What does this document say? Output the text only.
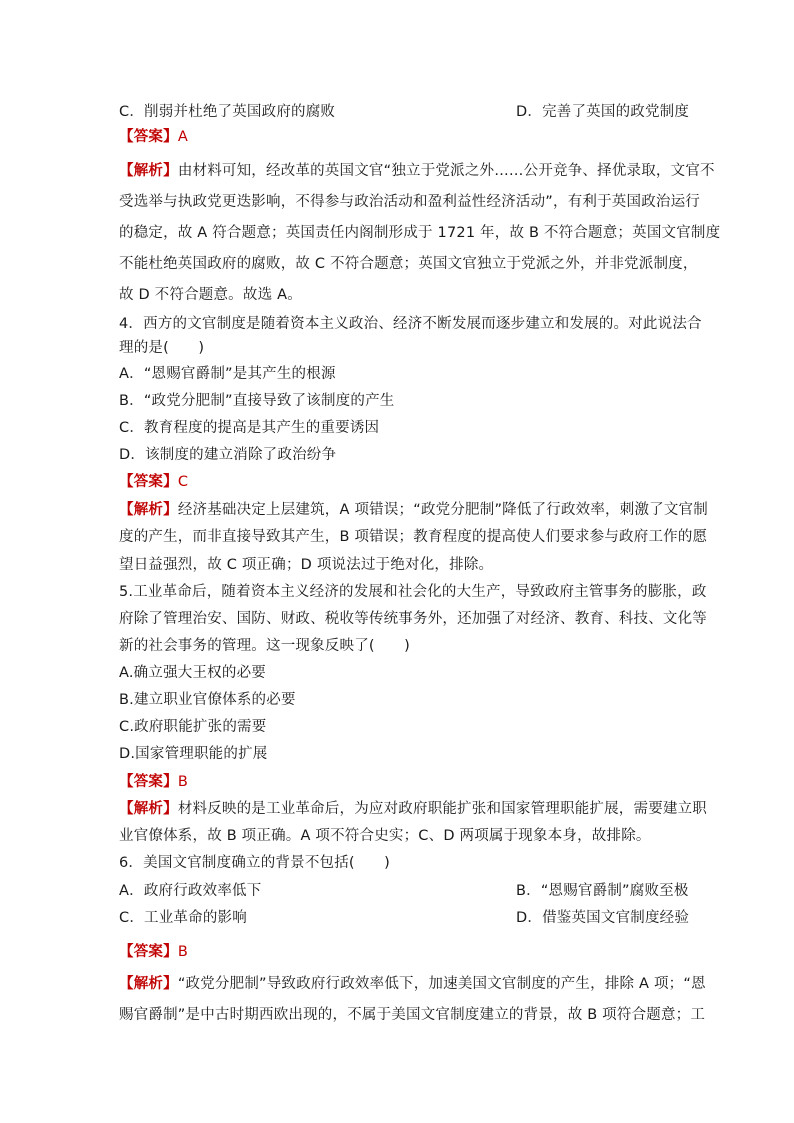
C．削弱并杜绝了英国政府的腐败	D．完善了英国的政党制度
【答案】A
【解析】由材料可知，经改革的英国文官“独立于党派之外……公开竞争、择优录取，文官不
受选举与执政党更迭影响，不得参与政治活动和盈利益性经济活动”，有利于英国政治运行
的稳定，故 A 符合题意；英国责任内阁制形成于 1721 年，故 B 不符合题意；英国文官制度
不能杜绝英国政府的腐败，故 C 不符合题意；英国文官独立于党派之外，并非党派制度，
故 D 不符合题意。故选 A。
4．西方的文官制度是随着资本主义政治、经济不断发展而逐步建立和发展的。对此说法合
理的是(　　)
A．“恩赐官爵制”是其产生的根源
B．“政党分肥制”直接导致了该制度的产生
C．教育程度的提高是其产生的重要诱因
D．该制度的建立消除了政治纷争
【答案】C
【解析】经济基础决定上层建筑，A 项错误；“政党分肥制”降低了行政效率，刺激了文官制
度的产生，而非直接导致其产生，B 项错误；教育程度的提高使人们要求参与政府工作的愿
望日益强烈，故 C 项正确；D 项说法过于绝对化，排除。
5.工业革命后，随着资本主义经济的发展和社会化的大生产，导致政府主管事务的膨胀，政
府除了管理治安、国防、财政、税收等传统事务外，还加强了对经济、教育、科技、文化等
新的社会事务的管理。这一现象反映了(　　)
A.确立强大王权的必要
B.建立职业官僚体系的必要
C.政府职能扩张的需要
D.国家管理职能的扩展
【答案】B
【解析】材料反映的是工业革命后，为应对政府职能扩张和国家管理职能扩展，需要建立职
业官僚体系，故 B 项正确。A 项不符合史实；C、D 两项属于现象本身，故排除。
6．美国文官制度确立的背景不包括(　　)
A．政府行政效率低下	B．“恩赐官爵制”腐败至极
C．工业革命的影响	D．借鉴英国文官制度经验
【答案】B
【解析】“政党分肥制”导致政府行政效率低下，加速美国文官制度的产生，排除 A 项；“恩
赐官爵制”是中古时期西欧出现的，不属于美国文官制度建立的背景，故 B 项符合题意；工
